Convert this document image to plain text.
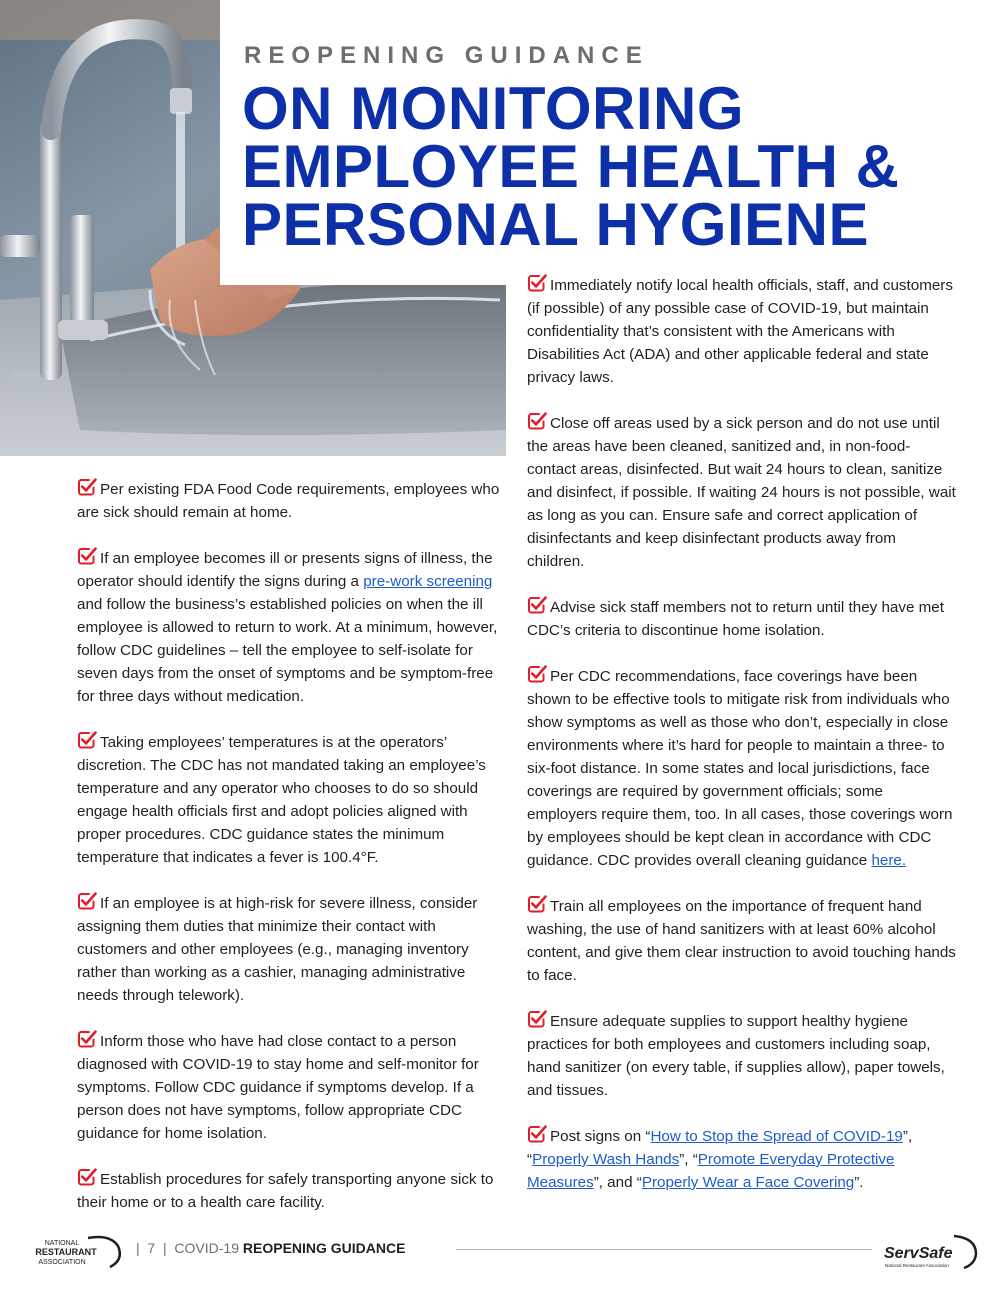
REOPENING GUIDANCE

ON MONITORING
EMPLOYEE HEALTH &
PERSONAL HYGIENE

Per existing FDA Food Code requirements, employees who are sick should remain at home.

If an employee becomes ill or presents signs of illness, the operator should identify the signs during a pre-work screening and follow the business’s established policies on when the ill employee is allowed to return to work. At a minimum, however, follow CDC guidelines – tell the employee to self-isolate for seven days from the onset of symptoms and be symptom-free for three days without medication.

Taking employees’ temperatures is at the operators’ discretion. The CDC has not mandated taking an employee’s temperature and any operator who chooses to do so should engage health officials first and adopt policies aligned with proper procedures. CDC guidance states the minimum temperature that indicates a fever is 100.4°F.

If an employee is at high-risk for severe illness, consider assigning them duties that minimize their contact with customers and other employees (e.g., managing inventory rather than working as a cashier, managing administrative needs through telework).

Inform those who have had close contact to a person diagnosed with COVID-19 to stay home and self-monitor for symptoms. Follow CDC guidance if symptoms develop. If a person does not have symptoms, follow appropriate CDC guidance for home isolation.

Establish procedures for safely transporting anyone sick to their home or to a health care facility.

Immediately notify local health officials, staff, and customers (if possible) of any possible case of COVID-19, but maintain confidentiality that’s consistent with the Americans with Disabilities Act (ADA) and other applicable federal and state privacy laws.

Close off areas used by a sick person and do not use until the areas have been cleaned, sanitized and, in non-food-contact areas, disinfected. But wait 24 hours to clean, sanitize and disinfect, if possible. If waiting 24 hours is not possible, wait as long as you can. Ensure safe and correct application of disinfectants and keep disinfectant products away from children.

Advise sick staff members not to return until they have met CDC’s criteria to discontinue home isolation.

Per CDC recommendations, face coverings have been shown to be effective tools to mitigate risk from individuals who show symptoms as well as those who don’t, especially in close environments where it’s hard for people to maintain a three- to six-foot distance. In some states and local jurisdictions, face coverings are required by government officials; some employers require them, too. In all cases, those coverings worn by employees should be kept clean in accordance with CDC guidance. CDC provides overall cleaning guidance here.

Train all employees on the importance of frequent hand washing, the use of hand sanitizers with at least 60% alcohol content, and give them clear instruction to avoid touching hands to face.

Ensure adequate supplies to support healthy hygiene practices for both employees and customers including soap, hand sanitizer (on every table, if supplies allow), paper towels, and tissues.

Post signs on “How to Stop the Spread of COVID-19”, “Properly Wash Hands”, “Promote Everyday Protective Measures”, and “Properly Wear a Face Covering”.

NATIONAL
RESTAURANT
ASSOCIATION
| 7 | COVID-19 REOPENING GUIDANCE	ServSafe
National Restaurant Association
